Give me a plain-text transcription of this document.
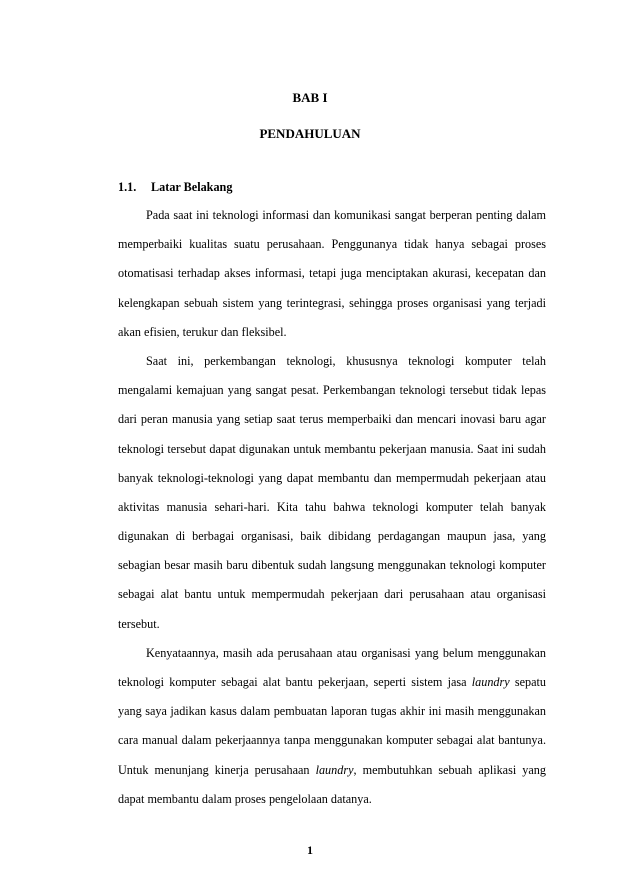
BAB I
PENDAHULUAN
1.1. Latar Belakang
Pada saat ini teknologi informasi dan komunikasi sangat berperan penting dalam
memperbaiki kualitas suatu perusahaan. Penggunanya tidak hanya sebagai proses
otomatisasi terhadap akses informasi, tetapi juga menciptakan akurasi, kecepatan dan
kelengkapan sebuah sistem yang terintegrasi, sehingga proses organisasi yang terjadi
akan efisien, terukur dan fleksibel.
Saat ini, perkembangan teknologi, khususnya teknologi komputer telah
mengalami kemajuan yang sangat pesat. Perkembangan teknologi tersebut tidak lepas
dari peran manusia yang setiap saat terus memperbaiki dan mencari inovasi baru agar
teknologi tersebut dapat digunakan untuk membantu pekerjaan manusia. Saat ini sudah
banyak teknologi-teknologi yang dapat membantu dan mempermudah pekerjaan atau
aktivitas manusia sehari-hari. Kita tahu bahwa teknologi komputer telah banyak
digunakan di berbagai organisasi, baik dibidang perdagangan maupun jasa, yang
sebagian besar masih baru dibentuk sudah langsung menggunakan teknologi komputer
sebagai alat bantu untuk mempermudah pekerjaan dari perusahaan atau organisasi
tersebut.
Kenyataannya, masih ada perusahaan atau organisasi yang belum menggunakan
teknologi komputer sebagai alat bantu pekerjaan, seperti sistem jasa laundry sepatu
yang saya jadikan kasus dalam pembuatan laporan tugas akhir ini masih menggunakan
cara manual dalam pekerjaannya tanpa menggunakan komputer sebagai alat bantunya.
Untuk menunjang kinerja perusahaan laundry, membutuhkan sebuah aplikasi yang
dapat membantu dalam proses pengelolaan datanya.
1
